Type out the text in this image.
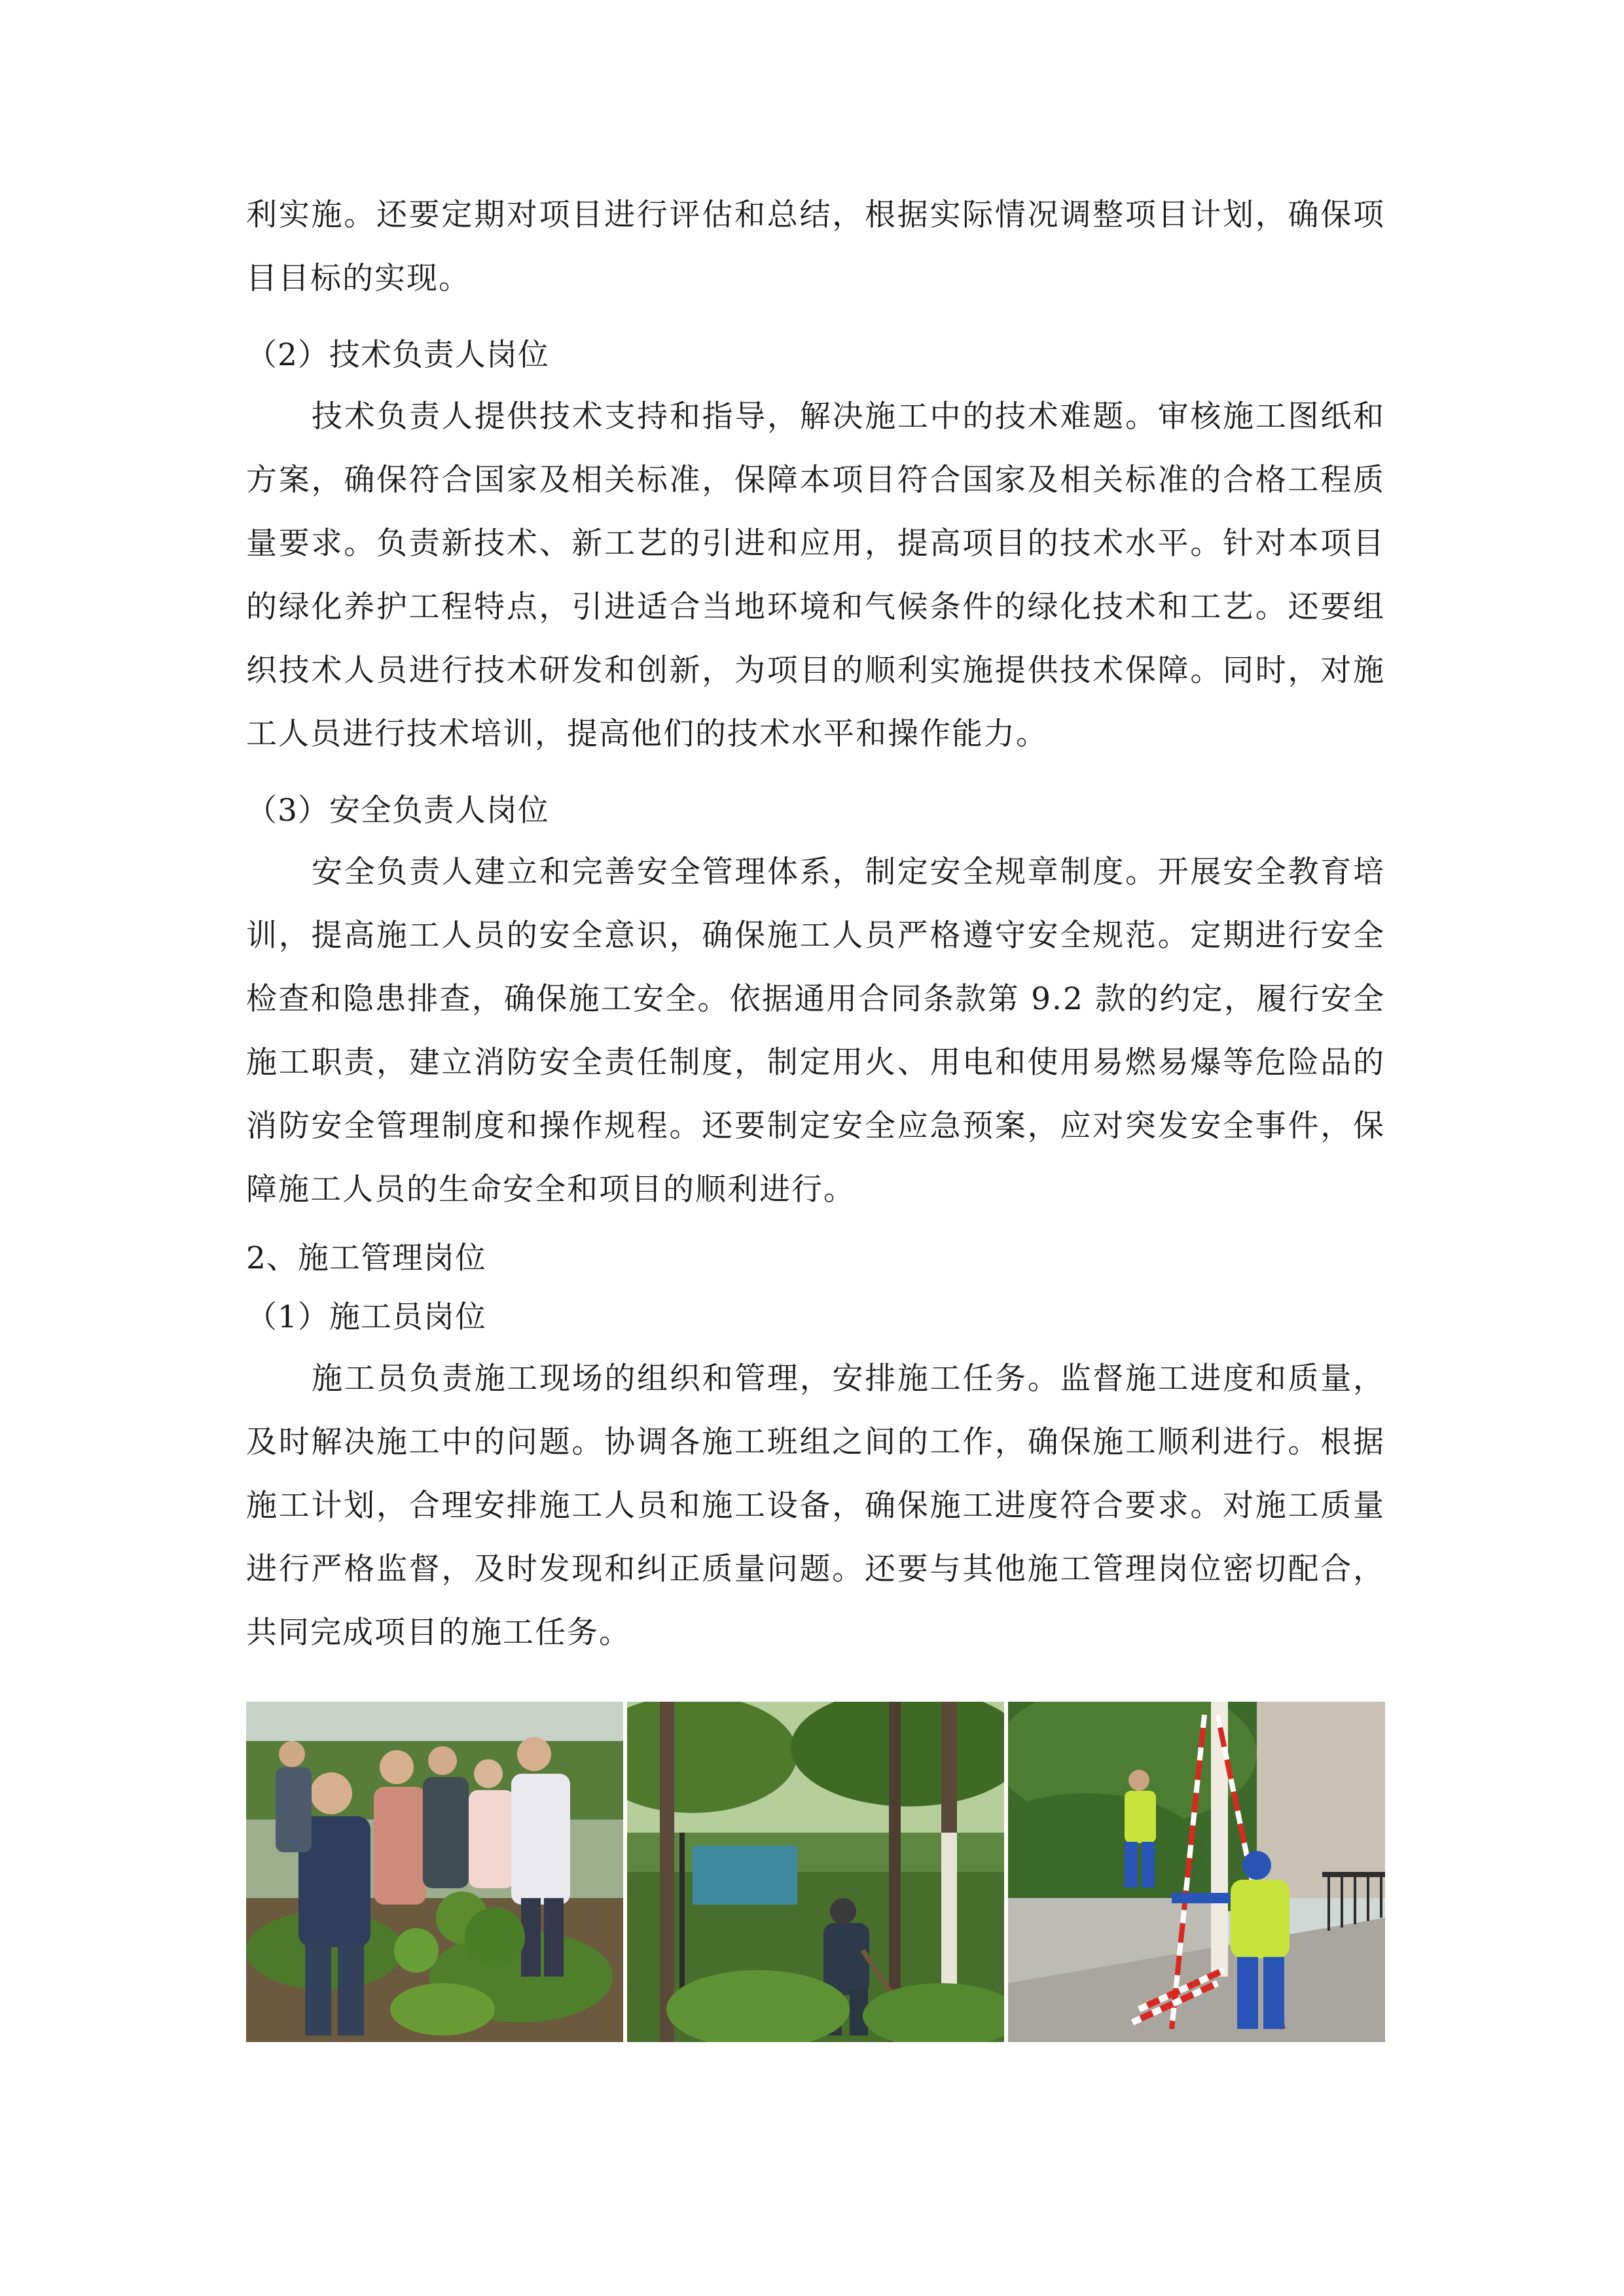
利实施。还要定期对项目进行评估和总结，根据实际情况调整项目计划，确保项目目标的实现。

（2）技术负责人岗位

技术负责人提供技术支持和指导，解决施工中的技术难题。审核施工图纸和方案，确保符合国家及相关标准，保障本项目符合国家及相关标准的合格工程质量要求。负责新技术、新工艺的引进和应用，提高项目的技术水平。针对本项目的绿化养护工程特点，引进适合当地环境和气候条件的绿化技术和工艺。还要组织技术人员进行技术研发和创新，为项目的顺利实施提供技术保障。同时，对施工人员进行技术培训，提高他们的技术水平和操作能力。

（3）安全负责人岗位

安全负责人建立和完善安全管理体系，制定安全规章制度。开展安全教育培训，提高施工人员的安全意识，确保施工人员严格遵守安全规范。定期进行安全检查和隐患排查，确保施工安全。依据通用合同条款第 9.2 款的约定，履行安全施工职责，建立消防安全责任制度，制定用火、用电和使用易燃易爆等危险品的消防安全管理制度和操作规程。还要制定安全应急预案，应对突发安全事件，保障施工人员的生命安全和项目的顺利进行。

2、施工管理岗位

（1）施工员岗位

施工员负责施工现场的组织和管理，安排施工任务。监督施工进度和质量，及时解决施工中的问题。协调各施工班组之间的工作，确保施工顺利进行。根据施工计划，合理安排施工人员和施工设备，确保施工进度符合要求。对施工质量进行严格监督，及时发现和纠正质量问题。还要与其他施工管理岗位密切配合，共同完成项目的施工任务。
